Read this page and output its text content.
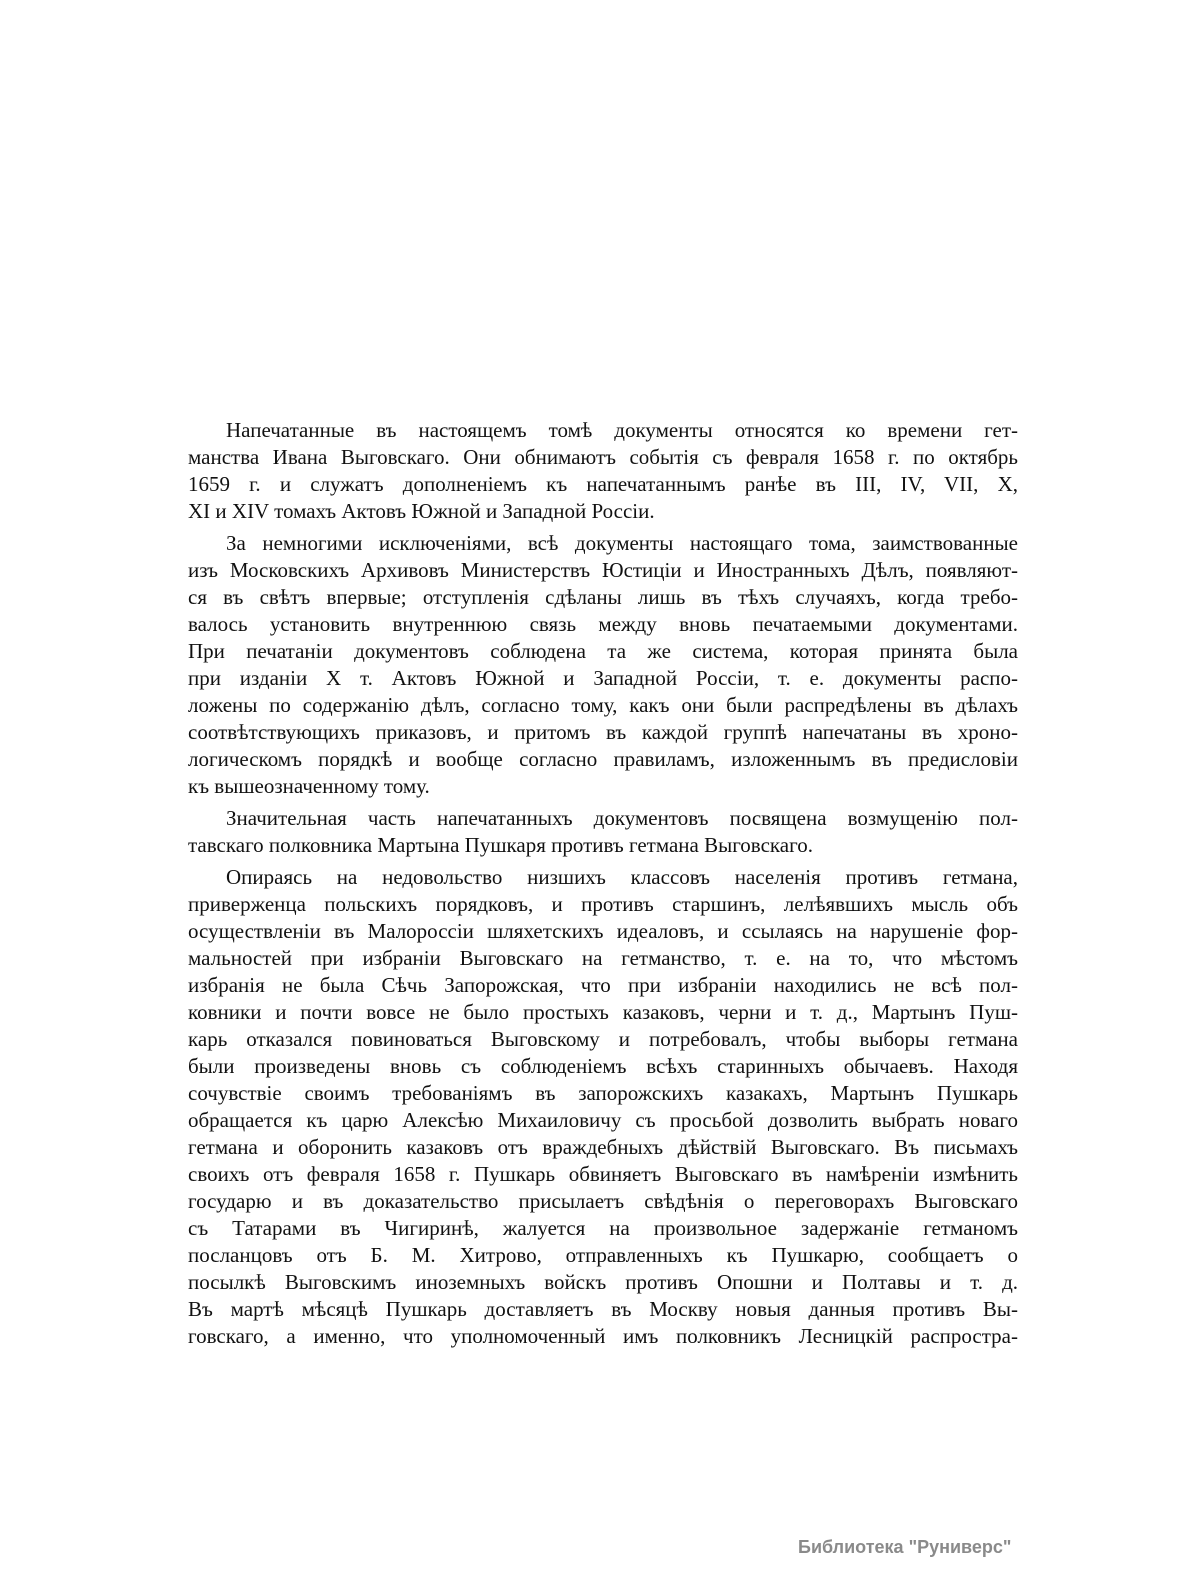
Напечатанные въ настоящемъ томѣ документы относятся ко времени гет-
манства Ивана Выговскаго. Они обнимаютъ событія съ февраля 1658 г. по октябрь
1659 г. и служатъ дополненіемъ къ напечатаннымъ ранѣе въ III, IV, VII, X,
XI и XIV томахъ Актовъ Южной и Западной Россіи.
За немногими исключеніями, всѣ документы настоящаго тома, заимствованные
изъ Московскихъ Архивовъ Министерствъ Юстиціи и Иностранныхъ Дѣлъ, появляют-
ся въ свѣтъ впервые; отступленія сдѣланы лишь въ тѣхъ случаяхъ, когда требо-
валось установить внутреннюю связь между вновь печатаемыми документами.
При печатаніи документовъ соблюдена та же система, которая принята была
при изданіи X т. Актовъ Южной и Западной Россіи, т. е. документы распо-
ложены по содержанію дѣлъ, согласно тому, какъ они были распредѣлены въ дѣлахъ
соотвѣтствующихъ приказовъ, и притомъ въ каждой группѣ напечатаны въ хроно-
логическомъ порядкѣ и вообще согласно правиламъ, изложеннымъ въ предисловіи
къ вышеозначенному тому.
Значительная часть напечатанныхъ документовъ посвящена возмущенію пол-
тавскаго полковника Мартына Пушкаря противъ гетмана Выговскаго.
Опираясь на недовольство низшихъ классовъ населенія противъ гетмана,
приверженца польскихъ порядковъ, и противъ старшинъ, лелѣявшихъ мысль объ
осуществленіи въ Малороссіи шляхетскихъ идеаловъ, и ссылаясь на нарушеніе фор-
мальностей при избраніи Выговскаго на гетманство, т. е. на то, что мѣстомъ
избранія не была Сѣчь Запорожская, что при избраніи находились не всѣ пол-
ковники и почти вовсе не было простыхъ казаковъ, черни и т. д., Мартынъ Пуш-
карь отказался повиноваться Выговскому и потребовалъ, чтобы выборы гетмана
были произведены вновь съ соблюденіемъ всѣхъ старинныхъ обычаевъ. Находя
сочувствіе своимъ требованіямъ въ запорожскихъ казакахъ, Мартынъ Пушкарь
обращается къ царю Алексѣю Михаиловичу съ просьбой дозволить выбрать новаго
гетмана и оборонить казаковъ отъ враждебныхъ дѣйствій Выговскаго. Въ письмахъ
своихъ отъ февраля 1658 г. Пушкарь обвиняетъ Выговскаго въ намѣреніи измѣнить
государю и въ доказательство присылаетъ свѣдѣнія о переговорахъ Выговскаго
съ Татарами въ Чигиринѣ, жалуется на произвольное задержаніе гетманомъ
посланцовъ отъ Б. М. Хитрово, отправленныхъ къ Пушкарю, сообщаетъ о
посылкѣ Выговскимъ иноземныхъ войскъ противъ Опошни и Полтавы и т. д.
Въ мартѣ мѣсяцѣ Пушкарь доставляетъ въ Москву новыя данныя противъ Вы-
говскаго, а именно, что уполномоченный имъ полковникъ Лесницкій распростра-
Библиотека "Руниверс"
